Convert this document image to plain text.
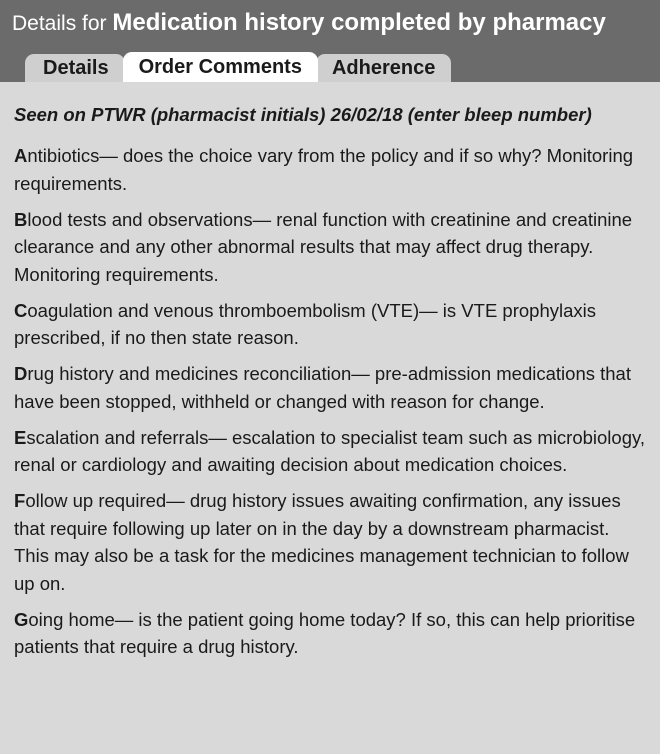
Details for Medication history completed by pharmacy
Details	Order Comments	Adherence
Seen on PTWR (pharmacist initials) 26/02/18 (enter bleep number)
Antibiotics— does the choice vary from the policy and if so why? Monitoring requirements.
Blood tests and observations— renal function with creatinine and creatinine clearance and any other abnormal results that may affect drug therapy. Monitoring requirements.
Coagulation and venous thromboembolism (VTE)— is VTE prophylaxis prescribed, if no then state reason.
Drug history and medicines reconciliation— pre-admission medications that have been stopped, withheld or changed with reason for change.
Escalation and referrals— escalation to specialist team such as microbiology, renal or cardiology and awaiting decision about medication choices.
Follow up required— drug history issues awaiting confirmation, any issues that require following up later on in the day by a downstream pharmacist. This may also be a task for the medicines management technician to follow up on.
Going home— is the patient going home today? If so, this can help prioritise patients that require a drug history.
